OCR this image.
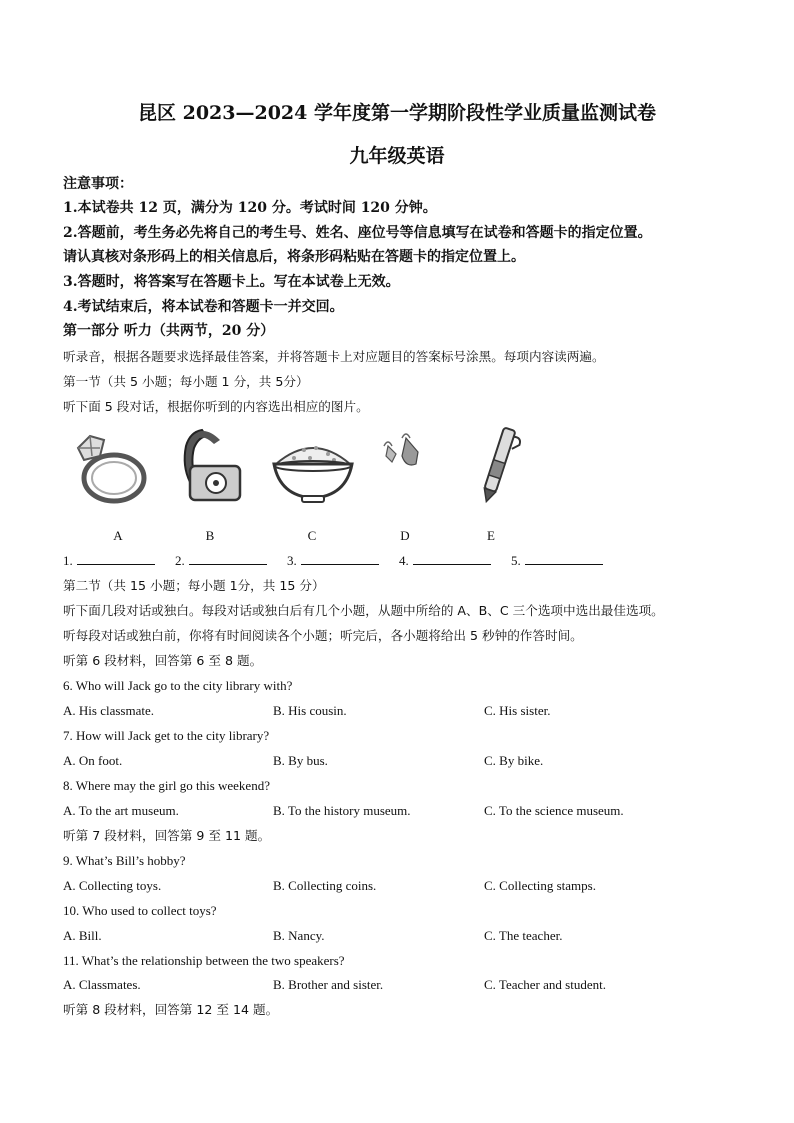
昆区 2023—2024 学年度第一学期阶段性学业质量监测试卷
九年级英语
注意事项：
1.本试卷共 12 页，满分为 120 分。考试时间 120 分钟。
2.答题前，考生务必先将自己的考生号、姓名、座位号等信息填写在试卷和答题卡的指定位置。
请认真核对条形码上的相关信息后，将条形码粘贴在答题卡的指定位置上。
3.答题时，将答案写在答题卡上。写在本试卷上无效。
4.考试结束后，将本试卷和答题卡一并交回。
第一部分 听力（共两节，20 分）
听录音，根据各题要求选择最佳答案，并将答题卡上对应题目的答案标号涂黑。每项内容读两遍。
第一节（共 5 小题；每小题 1 分，共 5分）
听下面 5 段对话，根据你听到的内容选出相应的图片。
A	B	C	D	E
1.	2.	3.	4.	5.
第二节（共 15 小题；每小题 1分，共 15 分）
听下面几段对话或独白。每段对话或独白后有几个小题，从题中所给的 A、B、C 三个选项中选出最佳选项。
听每段对话或独白前，你将有时间阅读各个小题；听完后，各小题将给出 5 秒钟的作答时间。
听第 6 段材料，回答第 6 至 8 题。
6. Who will Jack go to the city library with?
A. His classmate.	B. His cousin.	C. His sister.
7. How will Jack get to the city library?
A. On foot.	B. By bus.	C. By bike.
8. Where may the girl go this weekend?
A. To the art museum.	B. To the history museum.	C. To the science museum.
听第 7 段材料，回答第 9 至 11 题。
9. What’s Bill’s hobby?
A. Collecting toys.	B. Collecting coins.	C. Collecting stamps.
10. Who used to collect toys?
A. Bill.	B. Nancy.	C. The teacher.
11. What’s the relationship between the two speakers?
A. Classmates.	B. Brother and sister.	C. Teacher and student.
听第 8 段材料，回答第 12 至 14 题。
